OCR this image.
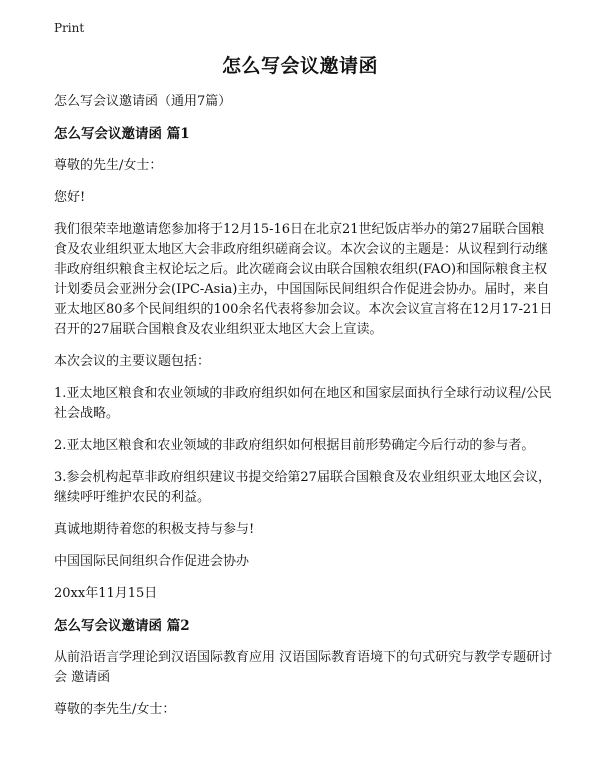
Print
怎么写会议邀请函

怎么写会议邀请函（通用7篇）

怎么写会议邀请函 篇1

尊敬的先生/女士：

您好!

我们很荣幸地邀请您参加将于12月15-16日在北京21世纪饭店举办的第27届联合国粮食及农业组织亚太地区大会非政府组织磋商会议。本次会议的主题是：从议程到行动继非政府组织粮食主权论坛之后。此次磋商会议由联合国粮农组织(FAO)和国际粮食主权计划委员会亚洲分会(IPC-Asia)主办，中国国际民间组织合作促进会协办。届时，来自亚太地区80多个民间组织的100余名代表将参加会议。本次会议宣言将在12月17-21日召开的27届联合国粮食及农业组织亚太地区大会上宣读。

本次会议的主要议题包括：

1.亚太地区粮食和农业领域的非政府组织如何在地区和国家层面执行全球行动议程/公民社会战略。

2.亚太地区粮食和农业领域的非政府组织如何根据目前形势确定今后行动的参与者。

3.参会机构起草非政府组织建议书提交给第27届联合国粮食及农业组织亚太地区会议，继续呼吁维护农民的利益。

真诚地期待着您的积极支持与参与!

中国国际民间组织合作促进会协办

20xx年11月15日

怎么写会议邀请函 篇2

从前沿语言学理论到汉语国际教育应用 汉语国际教育语境下的句式研究与教学专题研讨会 邀请函

尊敬的李先生/女士：
